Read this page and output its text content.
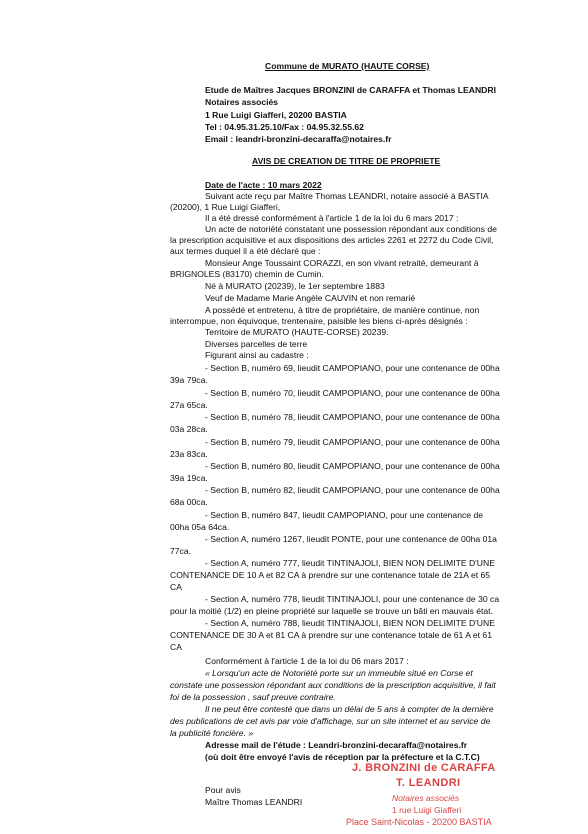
Commune de MURATO (HAUTE CORSE)
Etude de Maîtres Jacques BRONZINI de CARAFFA et Thomas LEANDRI
Notaires associés
1 Rue Luigi Giafferi, 20200 BASTIA
Tel : 04.95.31.25.10/Fax : 04.95.32.55.62
Email : leandri-bronzini-decaraffa@notaires.fr
AVIS DE CREATION DE TITRE DE PROPRIETE
Date de l'acte : 10 mars 2022
Suivant acte reçu par Maître Thomas LEANDRI, notaire associé à BASTIA
(20200), 1 Rue Luigi Giafferi,
Il a été dressé conformément à l'article 1 de la loi du 6 mars 2017 :
Un acte de notoriété constatant une possession répondant aux conditions de
la prescription acquisitive et aux dispositions des articles 2261 et 2272 du Code Civil,
aux termes duquel il a été déclaré que :
Monsieur Ange Toussaint CORAZZI, en son vivant retraité, demeurant à
BRIGNOLES (83170) chemin de Cumin.
Né à MURATO (20239), le 1er septembre 1883
Veuf de Madame Marie Angèle CAUVIN et non remarié
A possédé et entretenu, à titre de propriétaire, de manière continue, non
interrompue, non équivoque, trentenaire, paisible les biens ci-après désignés :
Territoire de MURATO (HAUTE-CORSE) 20239.
Diverses parcelles de terre
Figurant ainsi au cadastre :
- Section B, numéro 69, lieudit CAMPOPIANO, pour une contenance de 00ha
39a 79ca.
- Section B, numéro 70, lieudit CAMPOPIANO, pour une contenance de 00ha
27a 65ca.
- Section B, numéro 78, lieudit CAMPOPIANO, pour une contenance de 00ha
03a 28ca.
- Section B, numéro 79, lieudit CAMPOPIANO, pour une contenance de 00ha
23a 83ca.
- Section B, numéro 80, lieudit CAMPOPIANO, pour une contenance de 00ha
39a 19ca.
- Section B, numéro 82, lieudit CAMPOPIANO, pour une contenance de 00ha
68a 00ca.
- Section B, numéro 847, lieudit CAMPOPIANO, pour une contenance de
00ha 05a 64ca.
- Section A, numéro 1267, lieudit PONTE, pour une contenance de 00ha 01a
77ca.
- Section A, numéro 777, lieudit TINTINAJOLI, BIEN NON DELIMITE D'UNE
CONTENANCE DE 10 A et 82 CA à prendre sur une contenance totale de 21A et 65
CA
- Section A, numéro 778, lieudit TINTINAJOLI, pour une contenance de 30 ca
pour la moitié (1/2) en pleine propriété sur laquelle se trouve un bâti en mauvais état.
- Section A, numéro 788, lieudit TINTINAJOLI, BIEN NON DELIMITE D'UNE
CONTENANCE DE 30 A et 81 CA à prendre sur une contenance totale de 61 A et 61
CA
Conformément à l'article 1 de la loi du 06 mars 2017 :
« Lorsqu'un acte de Notoriété porte sur un immeuble situé en Corse et
constate une possession répondant aux conditions de la prescription acquisitive, il fait
foi de la possession , sauf preuve contraire.
Il ne peut être contesté que dans un délai de 5 ans à compter de la dernière
des publications de cet avis par voie d'affichage, sur un site internet et au service de
la publicité foncière. »
Adresse mail de l'étude : Leandri-bronzini-decaraffa@notaires.fr
(où doit être envoyé l'avis de réception par la préfecture et la C.T.C)
Pour avis
Maître Thomas LEANDRI
J. BRONZINI de CARAFFA
T. LEANDRI
Notaires associés
1 rue Luigi Giafferi
Place Saint-Nicolas - 20200 BASTIA
